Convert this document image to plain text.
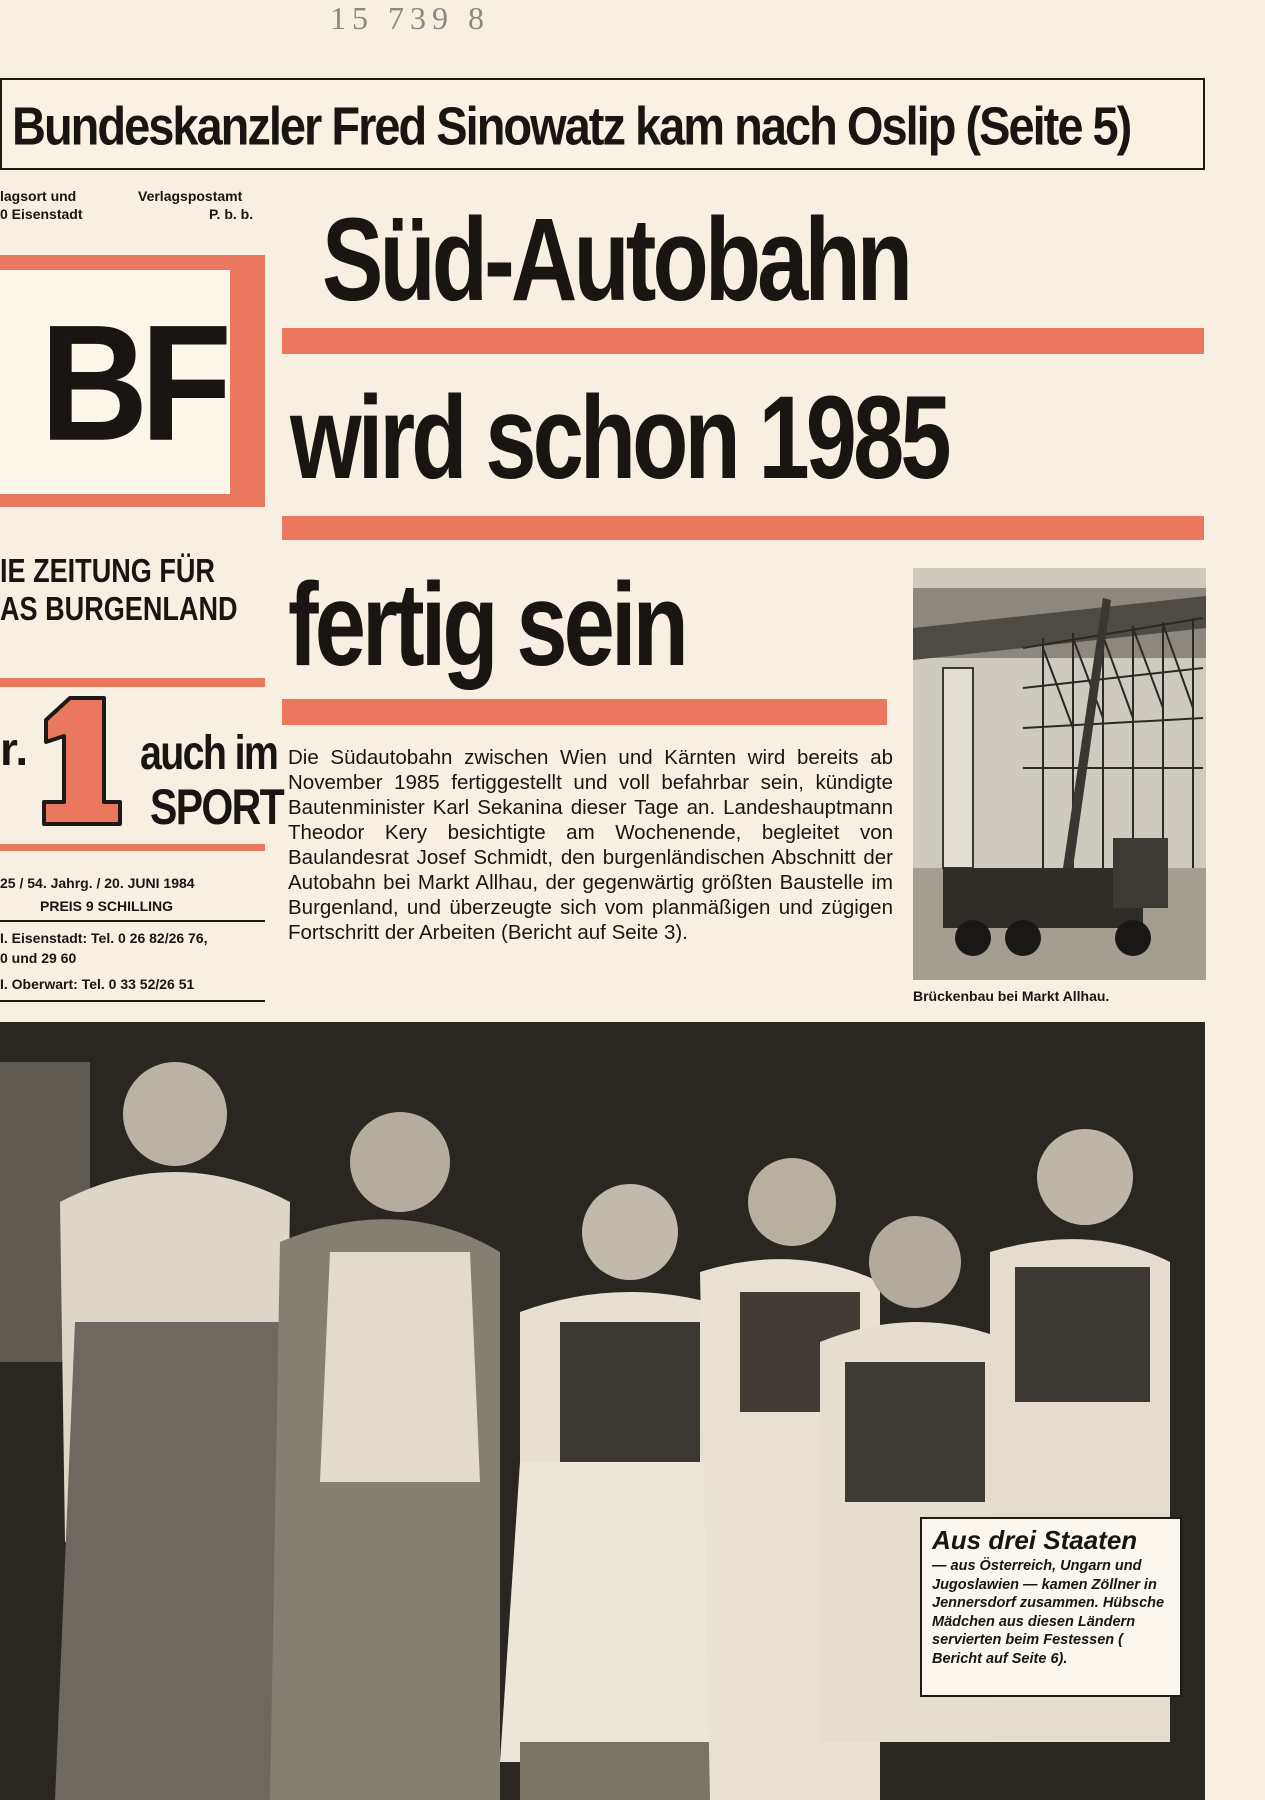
15 739 8
Bundeskanzler Fred Sinowatz kam nach Oslip (Seite 5)
lagsort und
0 Eisenstadt
Verlagspostamt
P. b. b.
BF
IE ZEITUNG FÜR
AS BURGENLAND
r.
1
auch im
SPORT
25 / 54. Jahrg. / 20. JUNI 1984
PREIS 9 SCHILLING
I. Eisenstadt: Tel. 0 26 82/26 76,
0 und 29 60
I. Oberwart: Tel. 0 33 52/26 51
Süd-Autobahn
wird schon 1985
fertig sein
Die Südautobahn zwischen Wien und Kärnten wird bereits ab November 1985 fertiggestellt und voll befahrbar sein, kündigte Bautenminister Karl Sekanina dieser Tage an. Landeshauptmann Theodor Kery besichtigte am Wochenende, begleitet von Baulandesrat Josef Schmidt, den burgenländischen Abschnitt der Autobahn bei Markt Allhau, der gegenwärtig größten Baustelle im Burgenland, und überzeugte sich vom planmäßigen und zügigen Fortschritt der Arbeiten (Bericht auf Seite 3).
Brückenbau bei Markt Allhau.
Aus drei Staaten
— aus Österreich, Ungarn und Jugoslawien — kamen Zöllner in Jennersdorf zusammen. Hübsche Mädchen aus diesen Ländern servierten beim Festessen ( Bericht auf Seite 6).
